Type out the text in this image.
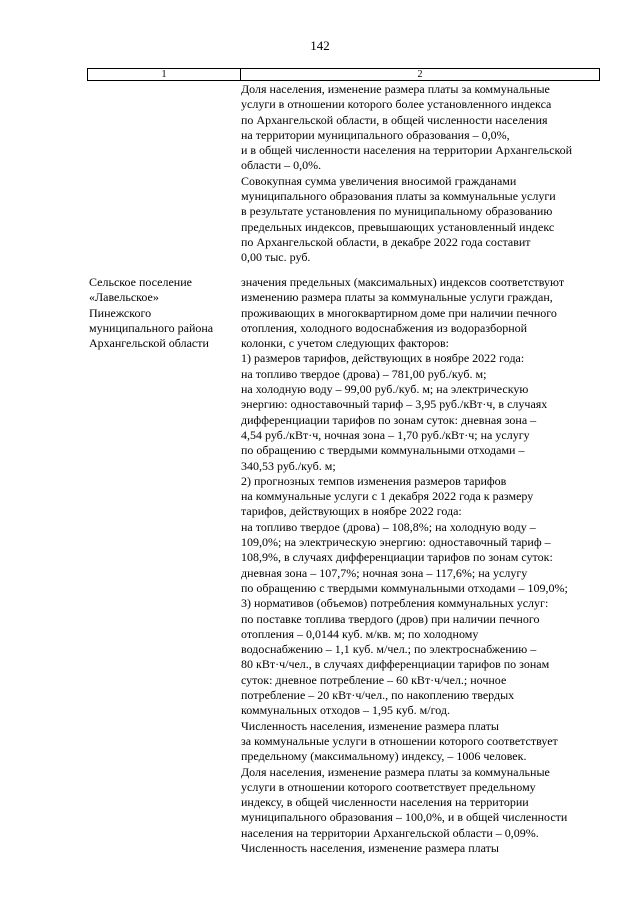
142
1	2
Доля населения, изменение размера платы за коммунальные
услуги в отношении которого более установленного индекса
по Архангельской области, в общей численности населения
на территории муниципального образования – 0,0%,
и в общей численности населения на территории Архангельской
области – 0,0%.
Совокупная сумма увеличения вносимой гражданами
муниципального образования платы за коммунальные услуги
в результате установления по муниципальному образованию
предельных индексов, превышающих установленный индекс
по Архангельской области, в декабре 2022 года составит
0,00 тыс. руб.
Сельское поселение
«Лавельское»
Пинежского
муниципального района
Архангельской области
значения предельных (максимальных) индексов соответствуют
изменению размера платы за коммунальные услуги граждан,
проживающих в многоквартирном доме при наличии печного
отопления, холодного водоснабжения из водоразборной
колонки, с учетом следующих факторов:
1) размеров тарифов, действующих в ноябре 2022 года:
на топливо твердое (дрова) – 781,00 руб./куб. м;
на холодную воду – 99,00 руб./куб. м; на электрическую
энергию: одноставочный тариф – 3,95 руб./кВт·ч, в случаях
дифференциации тарифов по зонам суток: дневная зона –
4,54 руб./кВт·ч, ночная зона – 1,70 руб./кВт·ч; на услугу
по обращению с твердыми коммунальными отходами –
340,53 руб./куб. м;
2) прогнозных темпов изменения размеров тарифов
на коммунальные услуги с 1 декабря 2022 года к размеру
тарифов, действующих в ноябре 2022 года:
на топливо твердое (дрова) – 108,8%; на холодную воду –
109,0%; на электрическую энергию: одноставочный тариф –
108,9%, в случаях дифференциации тарифов по зонам суток:
дневная зона – 107,7%; ночная зона – 117,6%; на услугу
по обращению с твердыми коммунальными отходами – 109,0%;
3) нормативов (объемов) потребления коммунальных услуг:
по поставке топлива твердого (дров) при наличии печного
отопления – 0,0144 куб. м/кв. м; по холодному
водоснабжению – 1,1 куб. м/чел.; по электроснабжению –
80 кВт·ч/чел., в случаях дифференциации тарифов по зонам
суток: дневное потребление – 60 кВт·ч/чел.; ночное
потребление – 20 кВт·ч/чел., по накоплению твердых
коммунальных отходов – 1,95 куб. м/год.
Численность населения, изменение размера платы
за коммунальные услуги в отношении которого соответствует
предельному (максимальному) индексу, – 1006 человек.
Доля населения, изменение размера платы за коммунальные
услуги в отношении которого соответствует предельному
индексу, в общей численности населения на территории
муниципального образования – 100,0%, и в общей численности
населения на территории Архангельской области – 0,09%.
Численность населения, изменение размера платы
